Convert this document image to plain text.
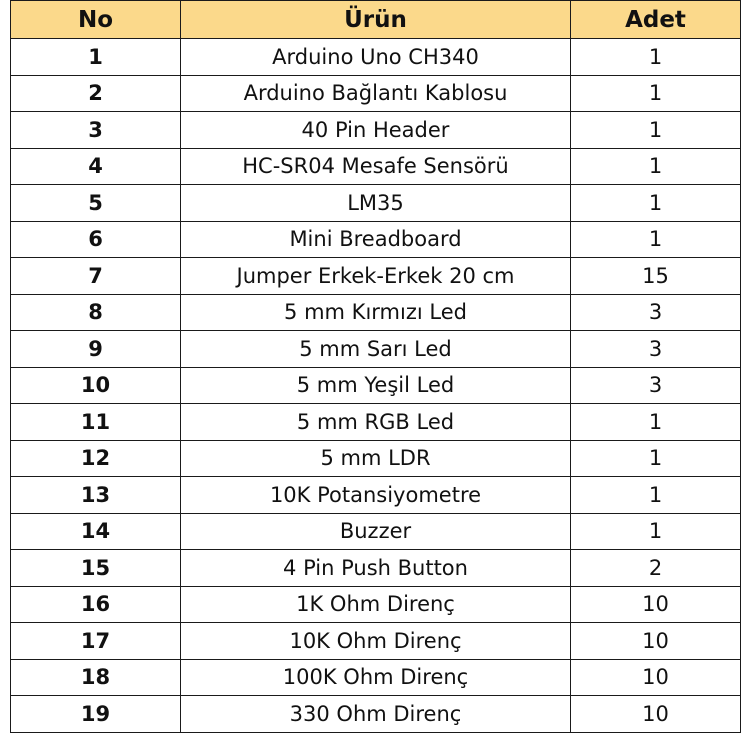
No	Ürün	Adet
1	Arduino Uno CH340	1
2	Arduino Bağlantı Kablosu	1
3	40 Pin Header	1
4	HC-SR04 Mesafe Sensörü	1
5	LM35	1
6	Mini Breadboard	1
7	Jumper Erkek-Erkek 20 cm	15
8	5 mm Kırmızı Led	3
9	5 mm Sarı Led	3
10	5 mm Yeşil Led	3
11	5 mm RGB Led	1
12	5 mm LDR	1
13	10K Potansiyometre	1
14	Buzzer	1
15	4 Pin Push Button	2
16	1K Ohm Direnç	10
17	10K Ohm Direnç	10
18	100K Ohm Direnç	10
19	330 Ohm Direnç	10
